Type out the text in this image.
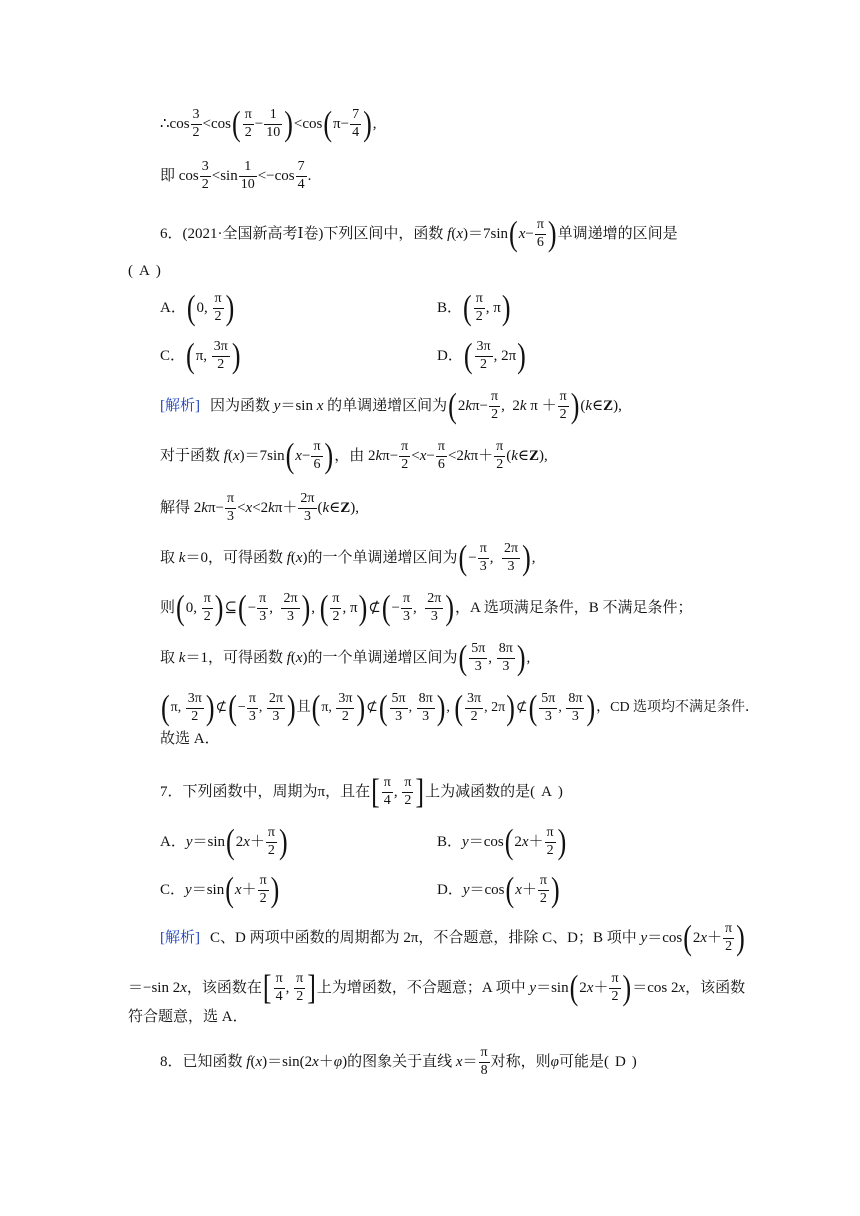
∴cos $\frac{3}{2} <\cos$ ( $\frac{\pi}{2} - \frac{1}{10}$ ) <cos ( $\pi- \frac{7}{4}$ ) ,
即 $\cos \frac{3}{2} <\sin \frac{1}{10} <-\cos \frac{7}{4}$ .
6．(2021·全国新高考Ⅰ卷)下列区间中，函数 f(x)＝7sin ( $x - \frac{\pi}{6}$ ) 单调递增的区间是
( A )
A． ( 0, $\frac{\pi}{2}$ )	B． ( $\frac{\pi}{2}$ , π )
C． ( π, $\frac{3\pi}{2}$ )	D． ( $\frac{3\pi}{2}$ , 2π )
[解析] 因为函数 y＝sin x 的单调递增区间为 ( $2k\pi- \frac{\pi}{2}$ ,  2k $\pi + \frac{\pi}{2}$ ) (k∈Z),
对于函数 f(x)＝7sin ( $x - \frac{\pi}{6}$ ) ，由 $2k\pi- \frac{\pi}{2} <x- \frac{\pi}{6} <2k\pi+ \frac{\pi}{2}$ (k∈Z),
解得 $2k\pi- \frac{\pi}{3} <x<2k\pi+ \frac{2\pi}{3}$ (k∈Z),
取 k＝0，可得函数 f(x)的一个单调递增区间为 ( − $\frac{\pi}{3}$ , $\frac{2\pi}{3}$ ) ,
则 ( 0, $\frac{\pi}{2}$ ) ⊆ ( − $\frac{\pi}{3}$ , $\frac{2\pi}{3}$ ) , ( $\frac{\pi}{2}$ , π ) ⊄ ( − $\frac{\pi}{3}$ , $\frac{2\pi}{3}$ ) ，A 选项满足条件，B 不满足条件；
取 k＝1，可得函数 f(x)的一个单调递增区间为 ( $\frac{5\pi}{3}$ , $\frac{8\pi}{3}$ ) ,
( π, $\frac{3\pi}{2}$ ) ⊄ ( − $\frac{\pi}{3}$ , $\frac{2\pi}{3}$ ) 且 ( π, $\frac{3\pi}{2}$ ) ⊄ ( $\frac{5\pi}{3}$ , $\frac{8\pi}{3}$ ) , ( $\frac{3\pi}{2}$ , 2π ) ⊄ ( $\frac{5\pi}{3}$ , $\frac{8\pi}{3}$ ) ，CD 选项均不满足条件．
故选 A．
7．下列函数中，周期为π，且在 [ $\frac{\pi}{4}$ , $\frac{\pi}{2}$ ] 上为减函数的是( A )
A．y＝sin ( $2x+ \frac{\pi}{2}$ )	B．y＝cos ( $2x+ \frac{\pi}{2}$ )
C．y＝sin ( $x + \frac{\pi}{2}$ )	D．y＝cos ( $x + \frac{\pi}{2}$ )
[解析] C、D 两项中函数的周期都为 2π，不合题意，排除 C、D；B 项中 y＝cos ( $2x+ \frac{\pi}{2}$ )
＝−sin 2x，该函数在 [ $\frac{\pi}{4}$ , $\frac{\pi}{2}$ ] 上为增函数，不合题意；A 项中 y＝sin ( $2x+ \frac{\pi}{2}$ ) ＝cos 2x，该函数
符合题意，选 A．
8．已知函数 f(x)＝sin(2x＋φ)的图象关于直线 $x= \frac{\pi}{8}$ 对称，则φ可能是( D )
